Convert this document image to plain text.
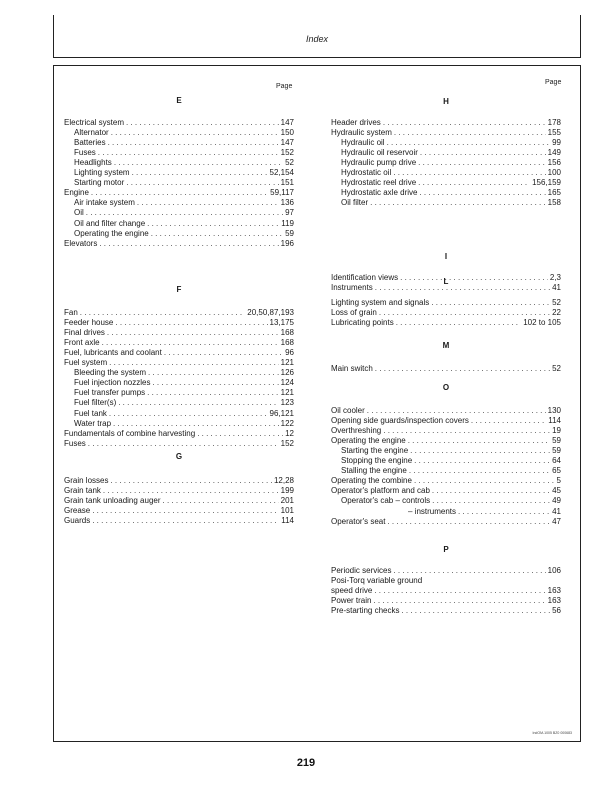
Index
Page
E
Electrical system . . .	147
Alternator . . .	150
Batteries . . .	147
Fuses . . .	152
Headlights . . .	52
Lighting system . . .	52,154
Starting motor . . .	151
Engine . . .	59,117
Air intake system . . .	136
Oil . . .	97
Oil and filter change . . .	119
Operating the engine . . .	59
Elevators . . .	196
F
Fan . . .	20,50,87,193
Feeder house . . .	13,175
Final drives . . .	168
Front axle . . .	168
Fuel, lubricants and coolant . . .	96
Fuel system . . .	121
Bleeding the system . . .	126
Fuel injection nozzles . . .	124
Fuel transfer pumps . . .	121
Fuel filter(s) . . .	123
Fuel tank . . .	96,121
Water trap . . .	122
Fundamentals of combine harvesting . . .	12
Fuses . . .	152
G
Grain losses . . .	12,28
Grain tank . . .	199
Grain tank unloading auger . . .	201
Grease . . .	101
Guards . . .	114
Page
H
Header drives . . .	178
Hydraulic system . . .	155
Hydraulic oil . . .	99
Hydraulic oil reservoir . . .	149
Hydraulic pump drive . . .	156
Hydrostatic oil . . .	100
Hydrostatic reel drive . . .	156,159
Hydrostatic axle drive . . .	165
Oil filter . . .	158
I
Identification views . . .	2,3
Instruments . . .	41
L
Lighting system and signals . . .	52
Loss of grain . . .	22
Lubricating points . . .	102 to 105
M
Main switch . . .	52
O
Oil cooler . . .	130
Opening side guards/inspection covers . . .	114
Overthreshing . . .	19
Operating the engine . . .	59
Starting the engine . . .	59
Stopping the engine . . .	64
Stalling the engine . . .	65
Operating the combine . . .	5
Operator's platform and cab . . .	45
Operator's cab – controls . . .	49
– instruments . . .	41
Operator's seat . . .	47
P
Periodic services . . .	106
Posi-Torq variable ground
speed drive . . .	163
Power train . . .	163
Pre-starting checks . . .	56
IndOM-1005 BZ0 000683
219
